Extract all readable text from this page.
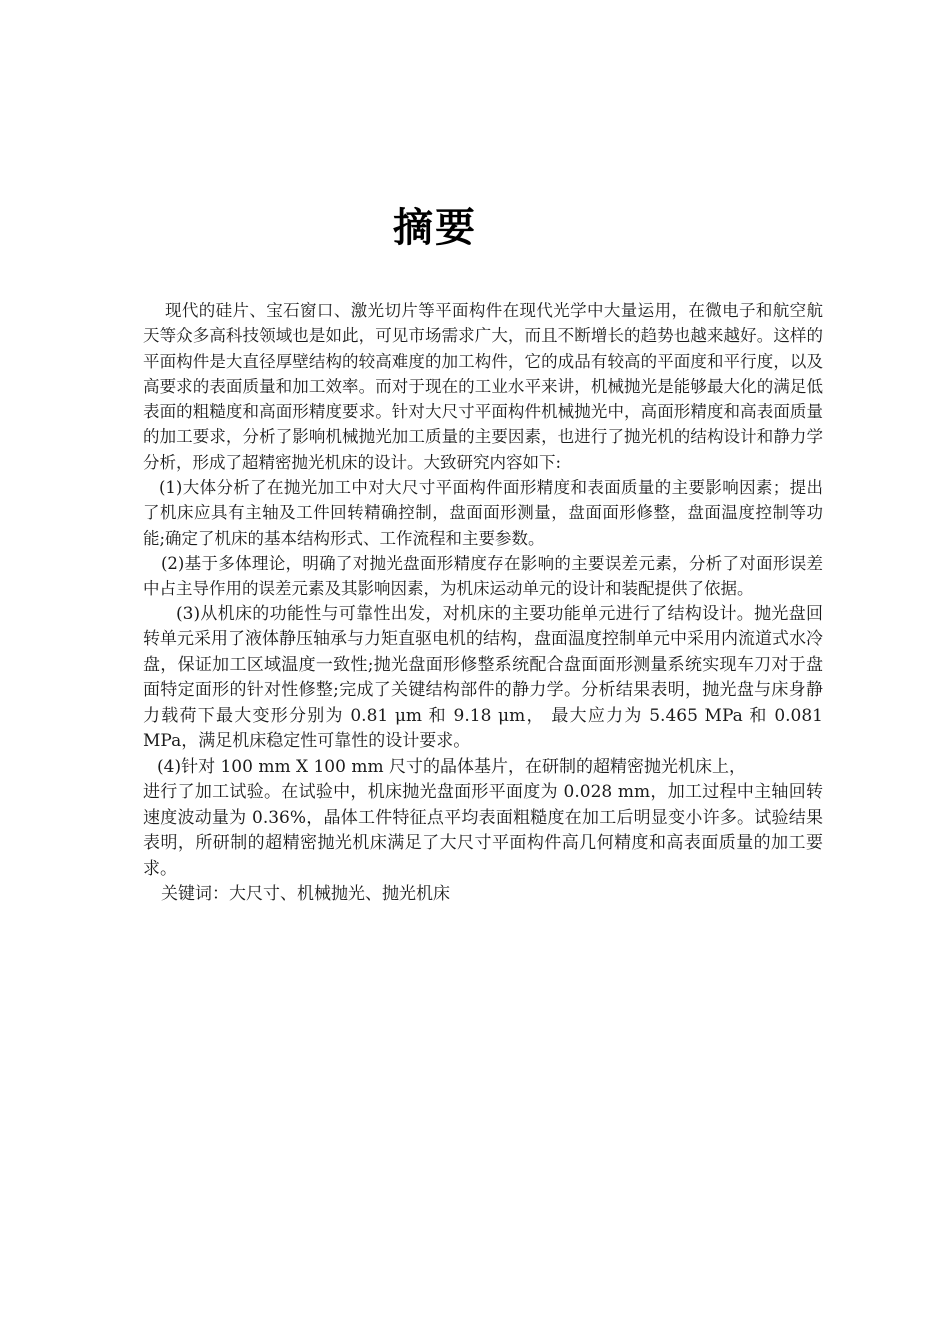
摘要

现代的硅片、宝石窗口、激光切片等平面构件在现代光学中大量运用，在微电子和航空航天等众多高科技领域也是如此，可见市场需求广大，而且不断增长的趋势也越来越好。这样的平面构件是大直径厚壁结构的较高难度的加工构件，它的成品有较高的平面度和平行度，以及高要求的表面质量和加工效率。而对于现在的工业水平来讲，机械抛光是能够最大化的满足低表面的粗糙度和高面形精度要求。针对大尺寸平面构件机械抛光中，高面形精度和高表面质量的加工要求，分析了影响机械抛光加工质量的主要因素，也进行了抛光机的结构设计和静力学分析，形成了超精密抛光机床的设计。大致研究内容如下:

(1)大体分析了在抛光加工中对大尺寸平面构件面形精度和表面质量的主要影响因素；提出了机床应具有主轴及工件回转精确控制，盘面面形测量，盘面面形修整，盘面温度控制等功能;确定了机床的基本结构形式、工作流程和主要参数。

(2)基于多体理论，明确了对抛光盘面形精度存在影响的主要误差元素，分析了对面形误差中占主导作用的误差元素及其影响因素，为机床运动单元的设计和装配提供了依据。

(3)从机床的功能性与可靠性出发，对机床的主要功能单元进行了结构设计。抛光盘回转单元采用了液体静压轴承与力矩直驱电机的结构，盘面温度控制单元中采用内流道式水冷盘，保证加工区域温度一致性;抛光盘面形修整系统配合盘面面形测量系统实现车刀对于盘面特定面形的针对性修整;完成了关键结构部件的静力学。分析结果表明，抛光盘与床身静力载荷下最大变形分别为 0.81 μm 和 9.18 μm， 最大应力为 5.465 MPa 和 0.081 MPa，满足机床稳定性可靠性的设计要求。

(4)针对 100 mm X 100 mm 尺寸的晶体基片，在研制的超精密抛光机床上，
进行了加工试验。在试验中，机床抛光盘面形平面度为 0.028 mm，加工过程中主轴回转速度波动量为 0.36%，晶体工件特征点平均表面粗糙度在加工后明显变小许多。试验结果表明，所研制的超精密抛光机床满足了大尺寸平面构件高几何精度和高表面质量的加工要求。

关键词：大尺寸、机械抛光、抛光机床
